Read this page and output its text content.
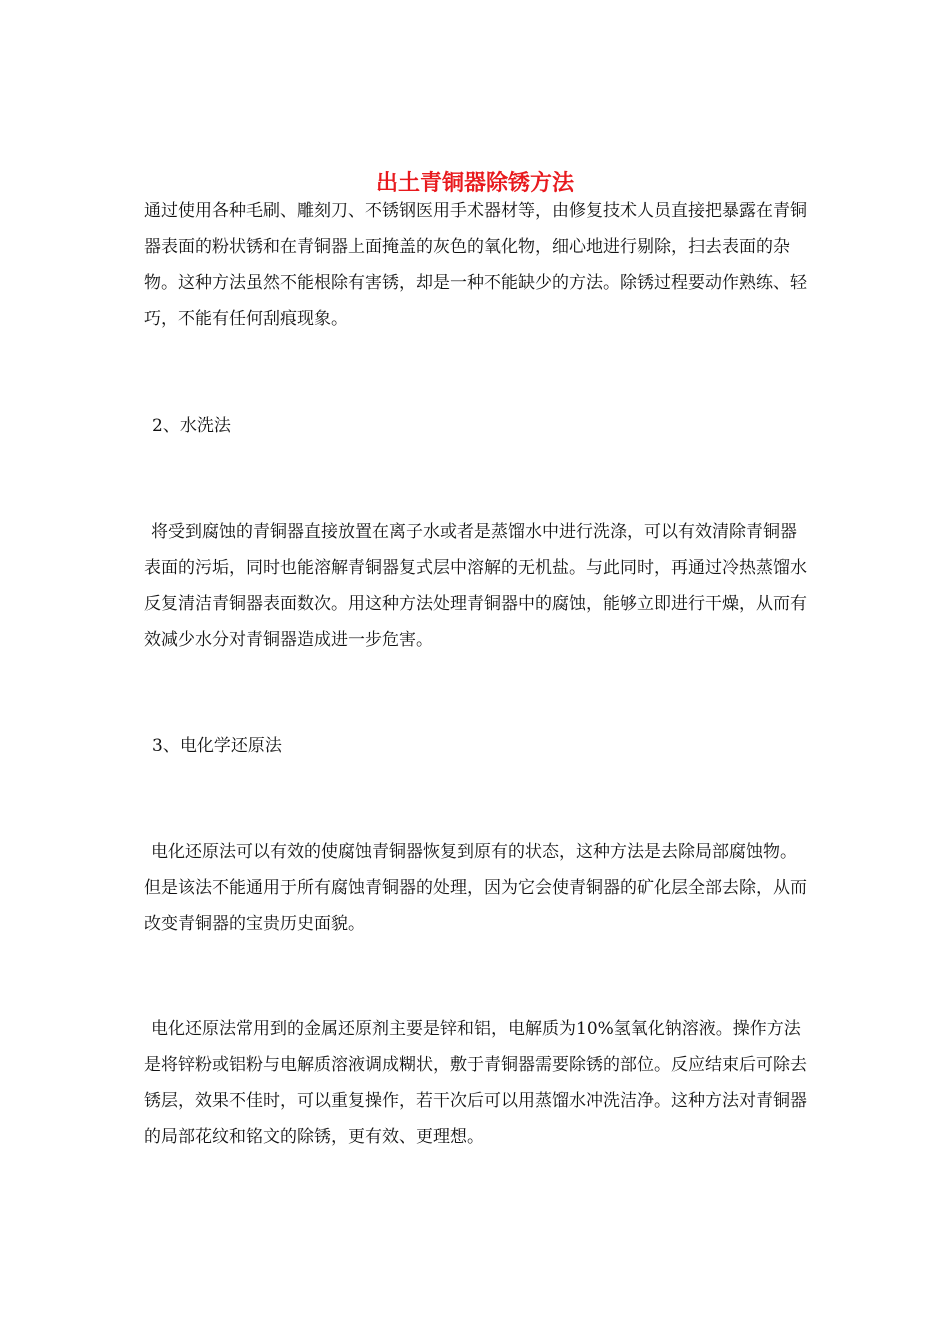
出土青铜器除锈方法

通过使用各种毛刷、雕刻刀、不锈钢医用手术器材等，由修复技术人员直接把暴露在青铜器表面的粉状锈和在青铜器上面掩盖的灰色的氧化物，细心地进行剔除，扫去表面的杂物。这种方法虽然不能根除有害锈，却是一种不能缺少的方法。除锈过程要动作熟练、轻巧，不能有任何刮痕现象。

2、水洗法

将受到腐蚀的青铜器直接放置在离子水或者是蒸馏水中进行洗涤，可以有效清除青铜器表面的污垢，同时也能溶解青铜器复式层中溶解的无机盐。与此同时，再通过冷热蒸馏水反复清洁青铜器表面数次。用这种方法处理青铜器中的腐蚀，能够立即进行干燥，从而有效减少水分对青铜器造成进一步危害。

3、电化学还原法

电化还原法可以有效的使腐蚀青铜器恢复到原有的状态，这种方法是去除局部腐蚀物。但是该法不能通用于所有腐蚀青铜器的处理，因为它会使青铜器的矿化层全部去除，从而改变青铜器的宝贵历史面貌。

电化还原法常用到的金属还原剂主要是锌和铝，电解质为10%氢氧化钠溶液。操作方法是将锌粉或铝粉与电解质溶液调成糊状，敷于青铜器需要除锈的部位。反应结束后可除去锈层，效果不佳时，可以重复操作，若干次后可以用蒸馏水冲洗洁净。这种方法对青铜器的局部花纹和铭文的除锈，更有效、更理想。
